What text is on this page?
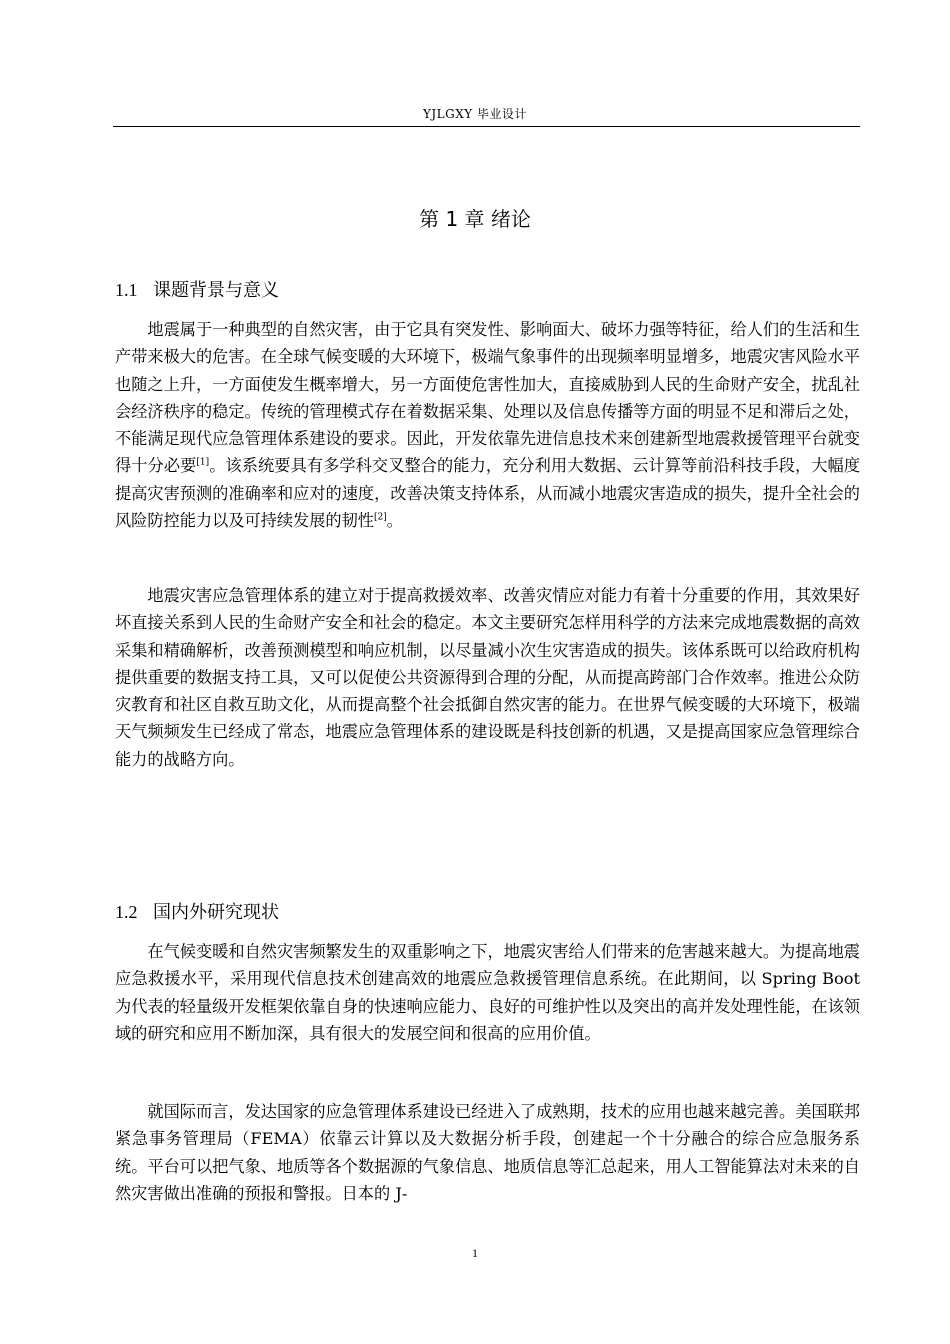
YJLGXY 毕业设计
第 1 章 绪论
1.1 课题背景与意义

地震属于一种典型的自然灾害，由于它具有突发性、影响面大、破坏力强等特征，给人们的生活和生产带来极大的危害。在全球气候变暖的大环境下，极端气象事件的出现频率明显增多，地震灾害风险水平也随之上升，一方面使发生概率增大，另一方面使危害性加大，直接威胁到人民的生命财产安全，扰乱社会经济秩序的稳定。传统的管理模式存在着数据采集、处理以及信息传播等方面的明显不足和滞后之处，不能满足现代应急管理体系建设的要求。因此，开发依靠先进信息技术来创建新型地震救援管理平台就变得十分必要[1]。该系统要具有多学科交叉整合的能力，充分利用大数据、云计算等前沿科技手段，大幅度提高灾害预测的准确率和应对的速度，改善决策支持体系，从而减小地震灾害造成的损失，提升全社会的风险防控能力以及可持续发展的韧性[2]。

地震灾害应急管理体系的建立对于提高救援效率、改善灾情应对能力有着十分重要的作用，其效果好坏直接关系到人民的生命财产安全和社会的稳定。本文主要研究怎样用科学的方法来完成地震数据的高效采集和精确解析，改善预测模型和响应机制，以尽量减小次生灾害造成的损失。该体系既可以给政府机构提供重要的数据支持工具，又可以促使公共资源得到合理的分配，从而提高跨部门合作效率。推进公众防灾教育和社区自救互助文化，从而提高整个社会抵御自然灾害的能力。在世界气候变暖的大环境下，极端天气频频发生已经成了常态，地震应急管理体系的建设既是科技创新的机遇，又是提高国家应急管理综合能力的战略方向。

1.2 国内外研究现状

在气候变暖和自然灾害频繁发生的双重影响之下，地震灾害给人们带来的危害越来越大。为提高地震应急救援水平，采用现代信息技术创建高效的地震应急救援管理信息系统。在此期间，以 Spring Boot 为代表的轻量级开发框架依靠自身的快速响应能力、良好的可维护性以及突出的高并发处理性能，在该领域的研究和应用不断加深，具有很大的发展空间和很高的应用价值。

就国际而言，发达国家的应急管理体系建设已经进入了成熟期，技术的应用也越来越完善。美国联邦紧急事务管理局（FEMA）依靠云计算以及大数据分析手段，创建起一个十分融合的综合应急服务系统。平台可以把气象、地质等各个数据源的气象信息、地质信息等汇总起来，用人工智能算法对未来的自然灾害做出准确的预报和警报。日本的 J-

1
